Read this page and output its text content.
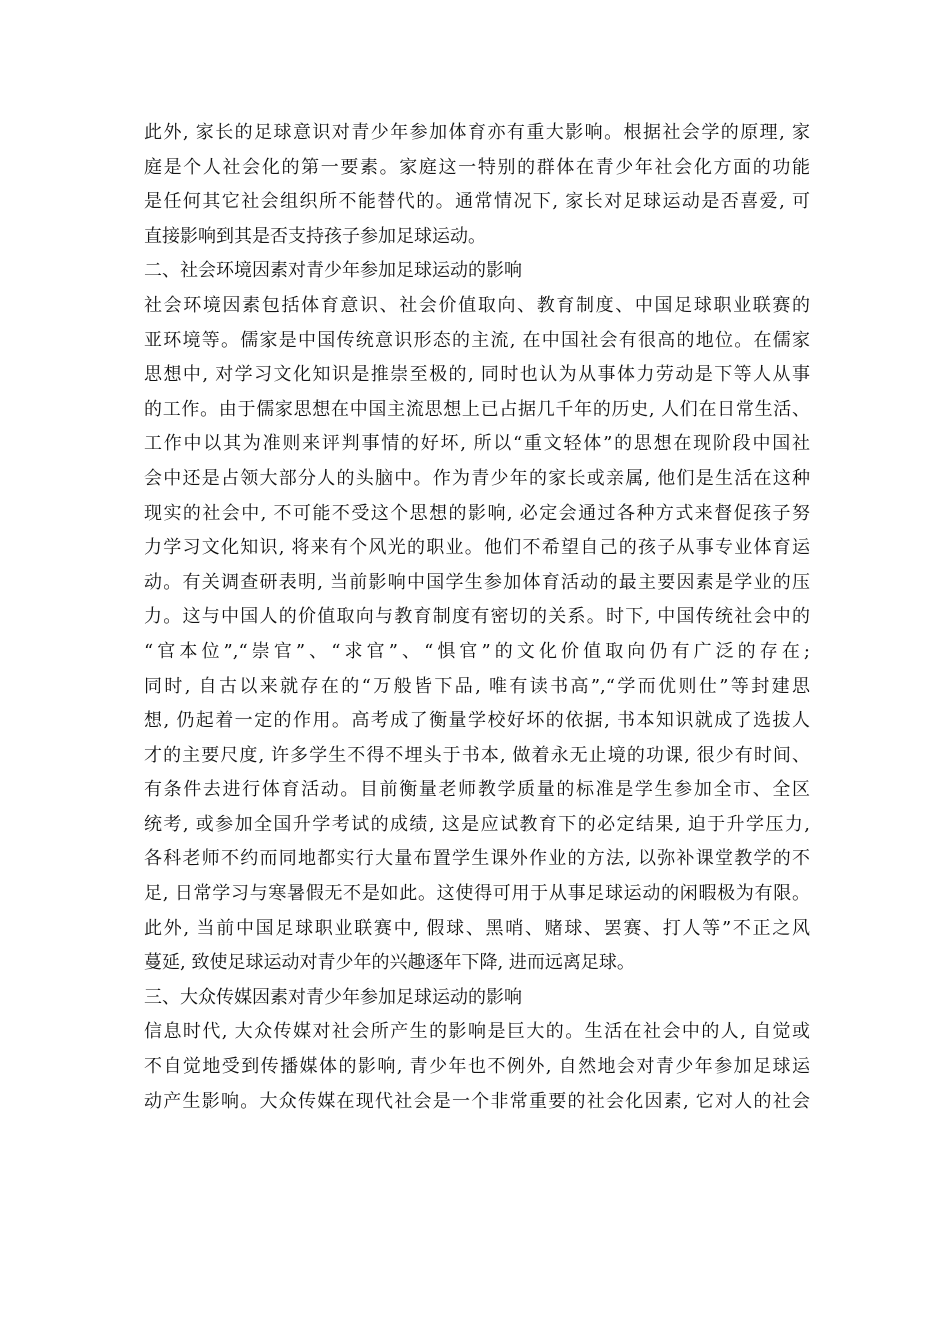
此外, 家长的足球意识对青少年参加体育亦有重大影响。根据社会学的原理, 家
庭是个人社会化的第一要素。家庭这一特别的群体在青少年社会化方面的功能
是任何其它社会组织所不能替代的。通常情况下, 家长对足球运动是否喜爱, 可
直接影响到其是否支持孩子参加足球运动。
二、社会环境因素对青少年参加足球运动的影响
社会环境因素包括体育意识、社会价值取向、教育制度、中国足球职业联赛的
亚环境等。儒家是中国传统意识形态的主流, 在中国社会有很高的地位。在儒家
思想中, 对学习文化知识是推崇至极的, 同时也认为从事体力劳动是下等人从事
的工作。由于儒家思想在中国主流思想上已占据几千年的历史, 人们在日常生活、
工作中以其为准则来评判事情的好坏, 所以“重文轻体”的思想在现阶段中国社
会中还是占领大部分人的头脑中。作为青少年的家长或亲属, 他们是生活在这种
现实的社会中, 不可能不受这个思想的影响, 必定会通过各种方式来督促孩子努
力学习文化知识, 将来有个风光的职业。他们不希望自己的孩子从事专业体育运
动。有关调查研表明, 当前影响中国学生参加体育活动的最主要因素是学业的压
力。这与中国人的价值取向与教育制度有密切的关系。时下, 中国传统社会中的
“官本位”,“崇官”、“求官”、“惧官”的文化价值取向仍有广泛的存在;
同时, 自古以来就存在的“万般皆下品, 唯有读书高”,“学而优则仕”等封建思
想, 仍起着一定的作用。高考成了衡量学校好坏的依据, 书本知识就成了选拔人
才的主要尺度, 许多学生不得不埋头于书本, 做着永无止境的功课, 很少有时间、
有条件去进行体育活动。目前衡量老师教学质量的标准是学生参加全市、全区
统考, 或参加全国升学考试的成绩, 这是应试教育下的必定结果, 迫于升学压力,
各科老师不约而同地都实行大量布置学生课外作业的方法, 以弥补课堂教学的不
足, 日常学习与寒暑假无不是如此。这使得可用于从事足球运动的闲暇极为有限。
此外, 当前中国足球职业联赛中, 假球、黑哨、赌球、罢赛、打人等”不正之风
蔓延, 致使足球运动对青少年的兴趣逐年下降, 进而远离足球。
三、大众传媒因素对青少年参加足球运动的影响
信息时代, 大众传媒对社会所产生的影响是巨大的。生活在社会中的人, 自觉或
不自觉地受到传播媒体的影响, 青少年也不例外, 自然地会对青少年参加足球运
动产生影响。大众传媒在现代社会是一个非常重要的社会化因素, 它对人的社会
